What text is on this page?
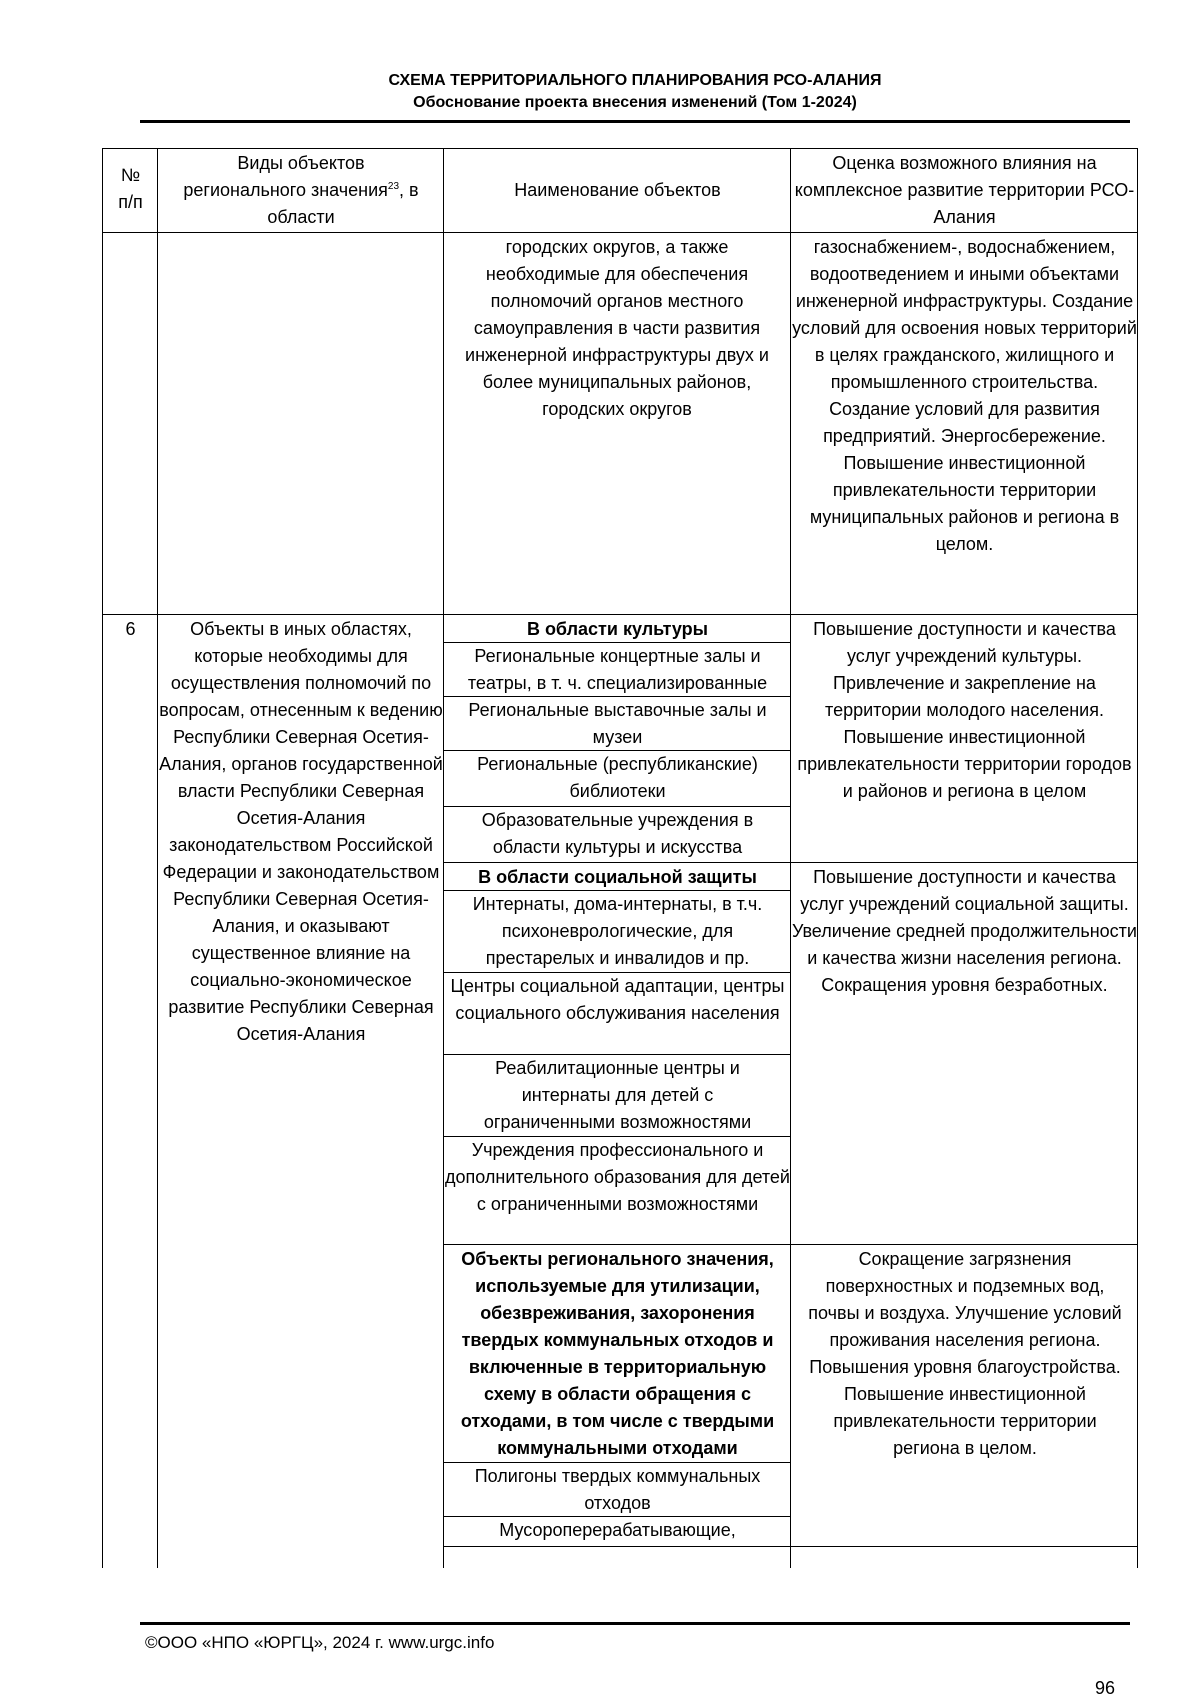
СХЕМА ТЕРРИТОРИАЛЬНОГО ПЛАНИРОВАНИЯ РСО-АЛАНИЯ
Обоснование проекта внесения изменений (Том 1-2024)
№
п/п
Виды объектов
регионального значения$^{23}$, в
области
Наименование объектов
Оценка возможного влияния на комплексное развитие территории РСО-Алания
городских округов, а также необходимые для обеспечения полномочий органов местного самоуправления в части развития инженерной инфраструктуры двух и более муниципальных районов, городских округов
газоснабжением-, водоснабжением, водоотведением и иными объектами инженерной инфраструктуры. Создание условий для освоения новых территорий в целях гражданского, жилищного и промышленного строительства. Создание условий для развития предприятий. Энергосбережение. Повышение инвестиционной привлекательности территории муниципальных районов и региона в целом.
6	Объекты в иных областях, которые необходимы для осуществления полномочий по вопросам, отнесенным к ведению Республики Северная Осетия-Алания, органов государственной власти Республики Северная Осетия-Алания законодательством Российской Федерации и законодательством Республики Северная Осетия-Алания, и оказывают существенное влияние на социально-экономическое развитие Республики Северная Осетия-Алания
В области культуры
Региональные концертные залы и театры, в т. ч. специализированные
Региональные выставочные залы и музеи
Региональные (республиканские) библиотеки
Образовательные учреждения в области культуры и искусства
Повышение доступности и качества услуг учреждений культуры. Привлечение и закрепление на территории молодого населения. Повышение инвестиционной привлекательности территории городов и районов и региона в целом
В области социальной защиты
Интернаты, дома-интернаты, в т.ч. психоневрологические, для престарелых и инвалидов и пр.
Центры социальной адаптации, центры социального обслуживания населения
Реабилитационные центры и интернаты для детей с ограниченными возможностями
Учреждения профессионального и дополнительного образования для детей с ограниченными возможностями
Повышение доступности и качества услуг учреждений социальной защиты. Увеличение средней продолжительности и качества жизни населения региона. Сокращения уровня безработных.
Объекты регионального значения, используемые для утилизации, обезвреживания, захоронения твердых коммунальных отходов и включенные в территориальную схему в области обращения с отходами, в том числе с твердыми коммунальными отходами
Полигоны твердых коммунальных отходов
Мусороперерабатывающие,
Сокращение загрязнения поверхностных и подземных вод, почвы и воздуха. Улучшение условий проживания населения региона. Повышения уровня благоустройства. Повышение инвестиционной привлекательности территории региона в целом.
©ООО «НПО «ЮРГЦ», 2024 г. www.urgc.info
96
